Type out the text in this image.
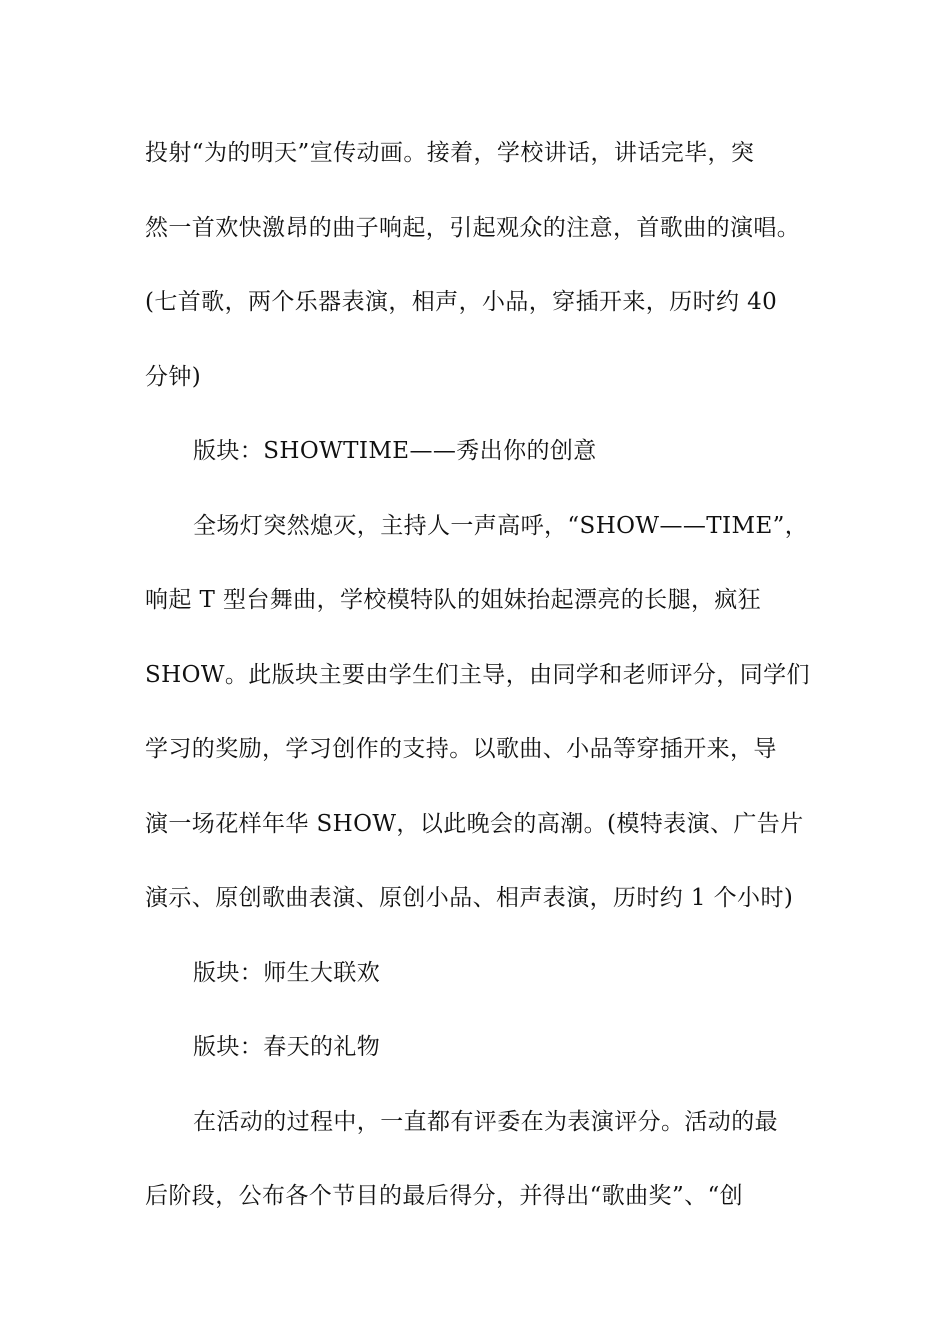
投射“为的明天”宣传动画。接着，学校讲话，讲话完毕，突
然一首欢快激昂的曲子响起，引起观众的注意，首歌曲的演唱。
(七首歌，两个乐器表演，相声，小品，穿插开来，历时约 40
分钟)
版块：SHOWTIME——秀出你的创意
全场灯突然熄灭，主持人一声高呼，“SHOW——TIME”，
响起 T 型台舞曲，学校模特队的姐妹抬起漂亮的长腿，疯狂
SHOW。此版块主要由学生们主导，由同学和老师评分，同学们
学习的奖励，学习创作的支持。以歌曲、小品等穿插开来，导
演一场花样年华 SHOW，以此晚会的高潮。(模特表演、广告片
演示、原创歌曲表演、原创小品、相声表演，历时约 1 个小时)
版块：师生大联欢
版块：春天的礼物
在活动的过程中，一直都有评委在为表演评分。活动的最
后阶段，公布各个节目的最后得分，并得出“歌曲奖”、“创
